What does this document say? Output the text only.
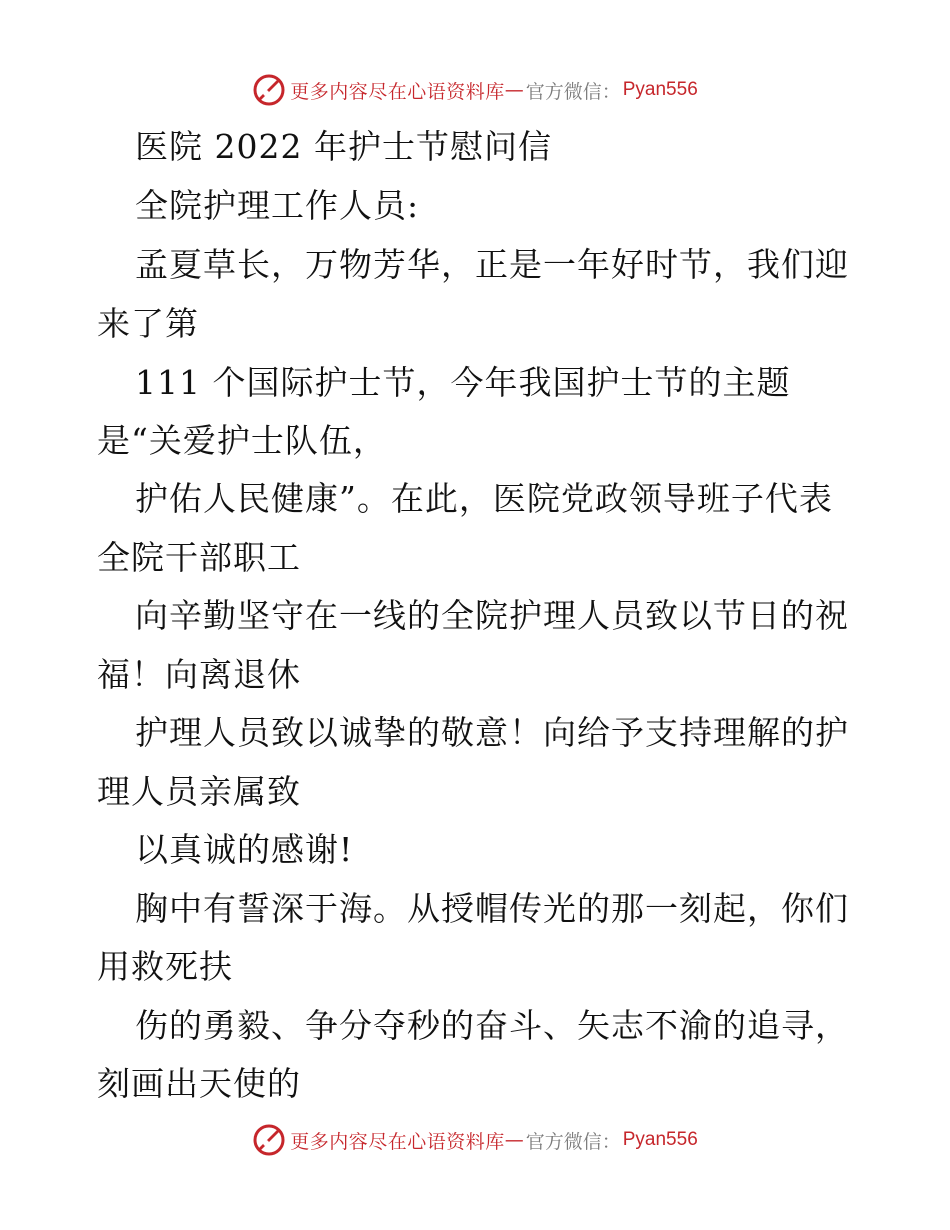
更多内容尽在心语资料库 — 官方微信： Pyan556
医院 2022 年护士节慰问信
全院护理工作人员:
孟夏草长，万物芳华，正是一年好时节，我们迎
来了第
111 个国际护士节，今年我国护士节的主题
是“关爱护士队伍，
护佑人民健康”。在此，医院党政领导班子代表
全院干部职工
向辛勤坚守在一线的全院护理人员致以节日的祝
福！向离退休
护理人员致以诚挚的敬意！向给予支持理解的护
理人员亲属致
以真诚的感谢!
胸中有誓深于海。从授帽传光的那一刻起，你们
用救死扶
伤的勇毅、争分夺秒的奋斗、矢志不渝的追寻，
刻画出天使的
更多内容尽在心语资料库 — 官方微信： Pyan556
